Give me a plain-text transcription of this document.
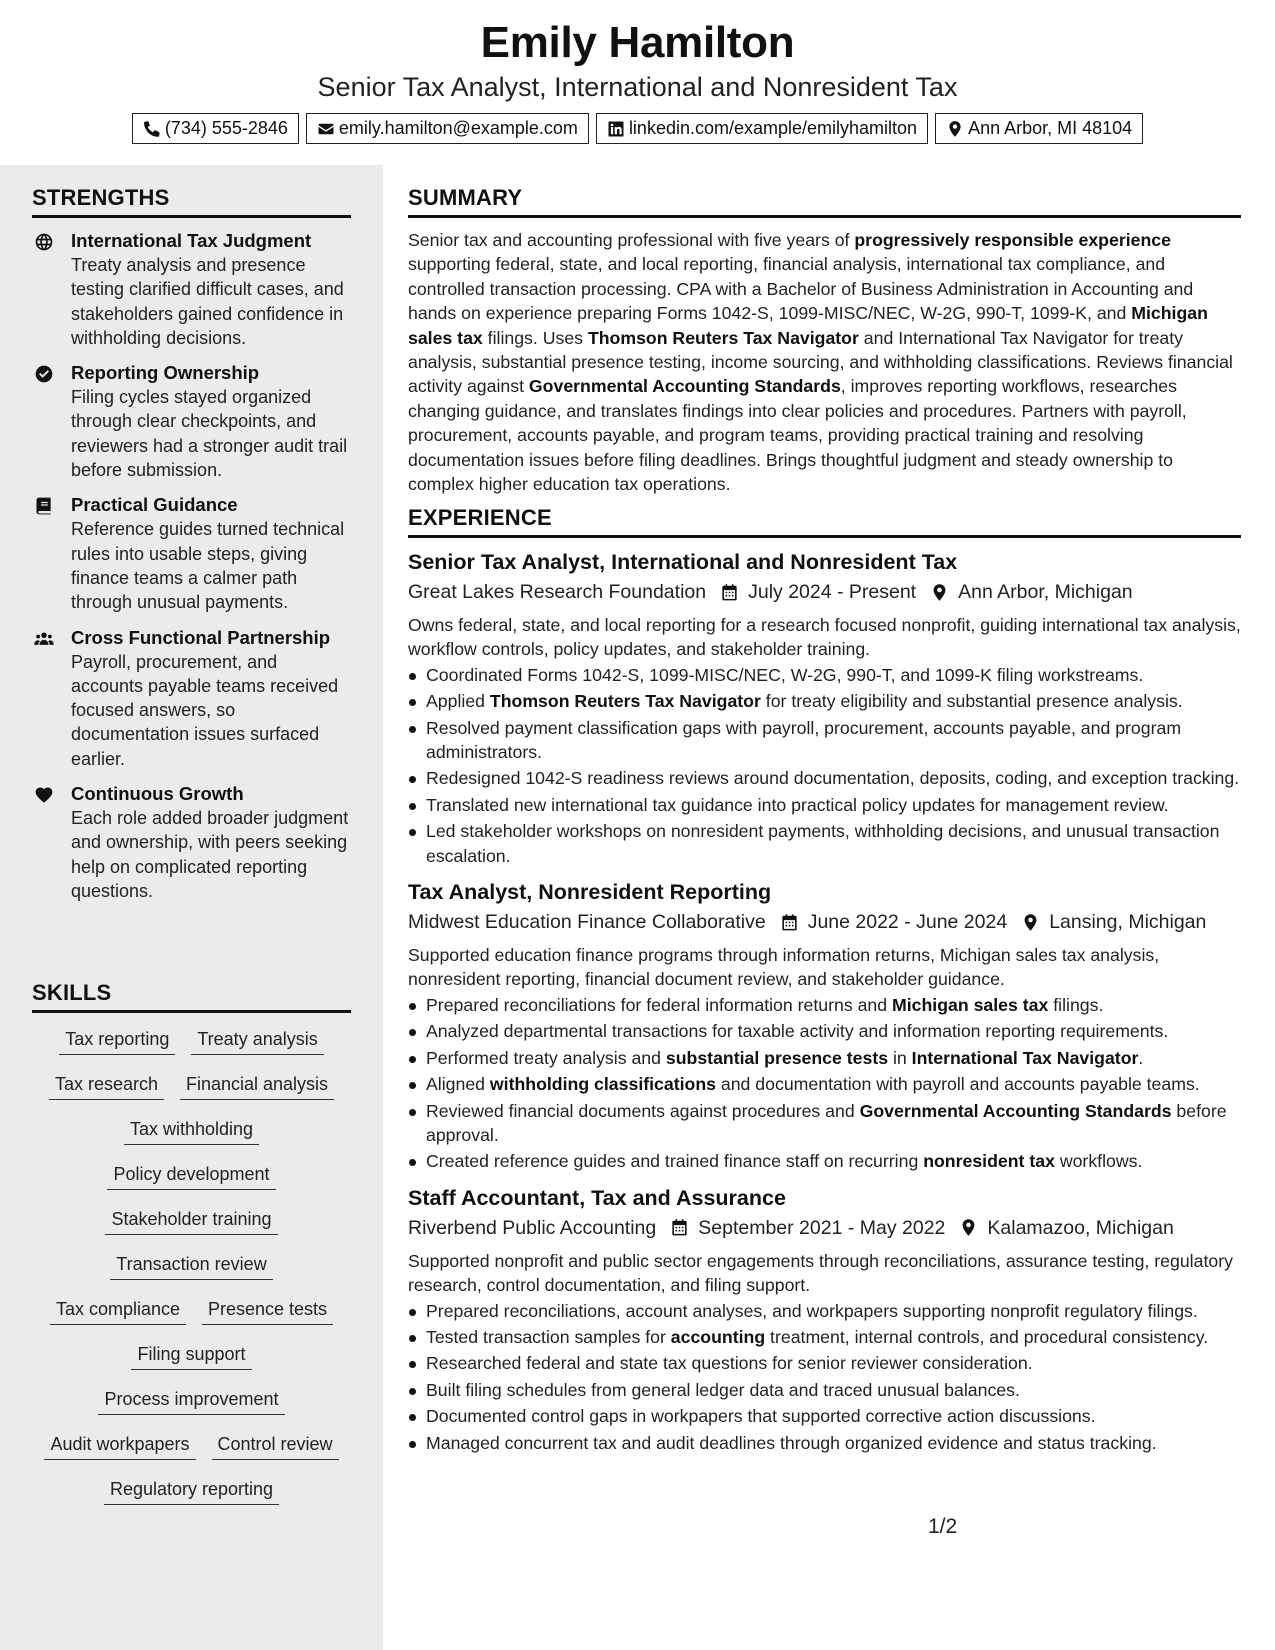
Emily Hamilton
Senior Tax Analyst, International and Nonresident Tax
(734) 555-2846	emily.hamilton@example.com	linkedin.com/example/emilyhamilton	Ann Arbor, MI 48104
STRENGTHS
International Tax Judgment
Treaty analysis and presence testing clarified difficult cases, and stakeholders gained confidence in withholding decisions.
Reporting Ownership
Filing cycles stayed organized through clear checkpoints, and reviewers had a stronger audit trail before submission.
Practical Guidance
Reference guides turned technical rules into usable steps, giving finance teams a calmer path through unusual payments.
Cross Functional Partnership
Payroll, procurement, and accounts payable teams received focused answers, so documentation issues surfaced earlier.
Continuous Growth
Each role added broader judgment and ownership, with peers seeking help on complicated reporting questions.
SKILLS
Tax reporting	Treaty analysis
Tax research	Financial analysis
Tax withholding
Policy development
Stakeholder training
Transaction review
Tax compliance	Presence tests
Filing support
Process improvement
Audit workpapers	Control review
Regulatory reporting
SUMMARY

Senior tax and accounting professional with five years of progressively responsible experience supporting federal, state, and local reporting, financial analysis, international tax compliance, and controlled transaction processing. CPA with a Bachelor of Business Administration in Accounting and hands on experience preparing Forms 1042-S, 1099-MISC/NEC, W-2G, 990-T, 1099-K, and Michigan sales tax filings. Uses Thomson Reuters Tax Navigator and International Tax Navigator for treaty analysis, substantial presence testing, income sourcing, and withholding classifications. Reviews financial activity against Governmental Accounting Standards, improves reporting workflows, researches changing guidance, and translates findings into clear policies and procedures. Partners with payroll, procurement, accounts payable, and program teams, providing practical training and resolving documentation issues before filing deadlines. Brings thoughtful judgment and steady ownership to complex higher education tax operations.

EXPERIENCE
Senior Tax Analyst, International and Nonresident Tax
Great Lakes Research Foundation July 2024 - Present Ann Arbor, Michigan
Owns federal, state, and local reporting for a research focused nonprofit, guiding international tax analysis, workflow controls, policy updates, and stakeholder training.
Coordinated Forms 1042-S, 1099-MISC/NEC, W-2G, 990-T, and 1099-K filing workstreams.
Applied Thomson Reuters Tax Navigator for treaty eligibility and substantial presence analysis.
Resolved payment classification gaps with payroll, procurement, accounts payable, and program administrators.
Redesigned 1042-S readiness reviews around documentation, deposits, coding, and exception tracking.
Translated new international tax guidance into practical policy updates for management review.
Led stakeholder workshops on nonresident payments, withholding decisions, and unusual transaction escalation.
Tax Analyst, Nonresident Reporting
Midwest Education Finance Collaborative June 2022 - June 2024 Lansing, Michigan
Supported education finance programs through information returns, Michigan sales tax analysis, nonresident reporting, financial document review, and stakeholder guidance.
Prepared reconciliations for federal information returns and Michigan sales tax filings.
Analyzed departmental transactions for taxable activity and information reporting requirements.
Performed treaty analysis and substantial presence tests in International Tax Navigator.
Aligned withholding classifications and documentation with payroll and accounts payable teams.
Reviewed financial documents against procedures and Governmental Accounting Standards before approval.
Created reference guides and trained finance staff on recurring nonresident tax workflows.
Staff Accountant, Tax and Assurance
Riverbend Public Accounting September 2021 - May 2022 Kalamazoo, Michigan
Supported nonprofit and public sector engagements through reconciliations, assurance testing, regulatory research, control documentation, and filing support.
Prepared reconciliations, account analyses, and workpapers supporting nonprofit regulatory filings.
Tested transaction samples for accounting treatment, internal controls, and procedural consistency.
Researched federal and state tax questions for senior reviewer consideration.
Built filing schedules from general ledger data and traced unusual balances.
Documented control gaps in workpapers that supported corrective action discussions.
Managed concurrent tax and audit deadlines through organized evidence and status tracking.
1/2
